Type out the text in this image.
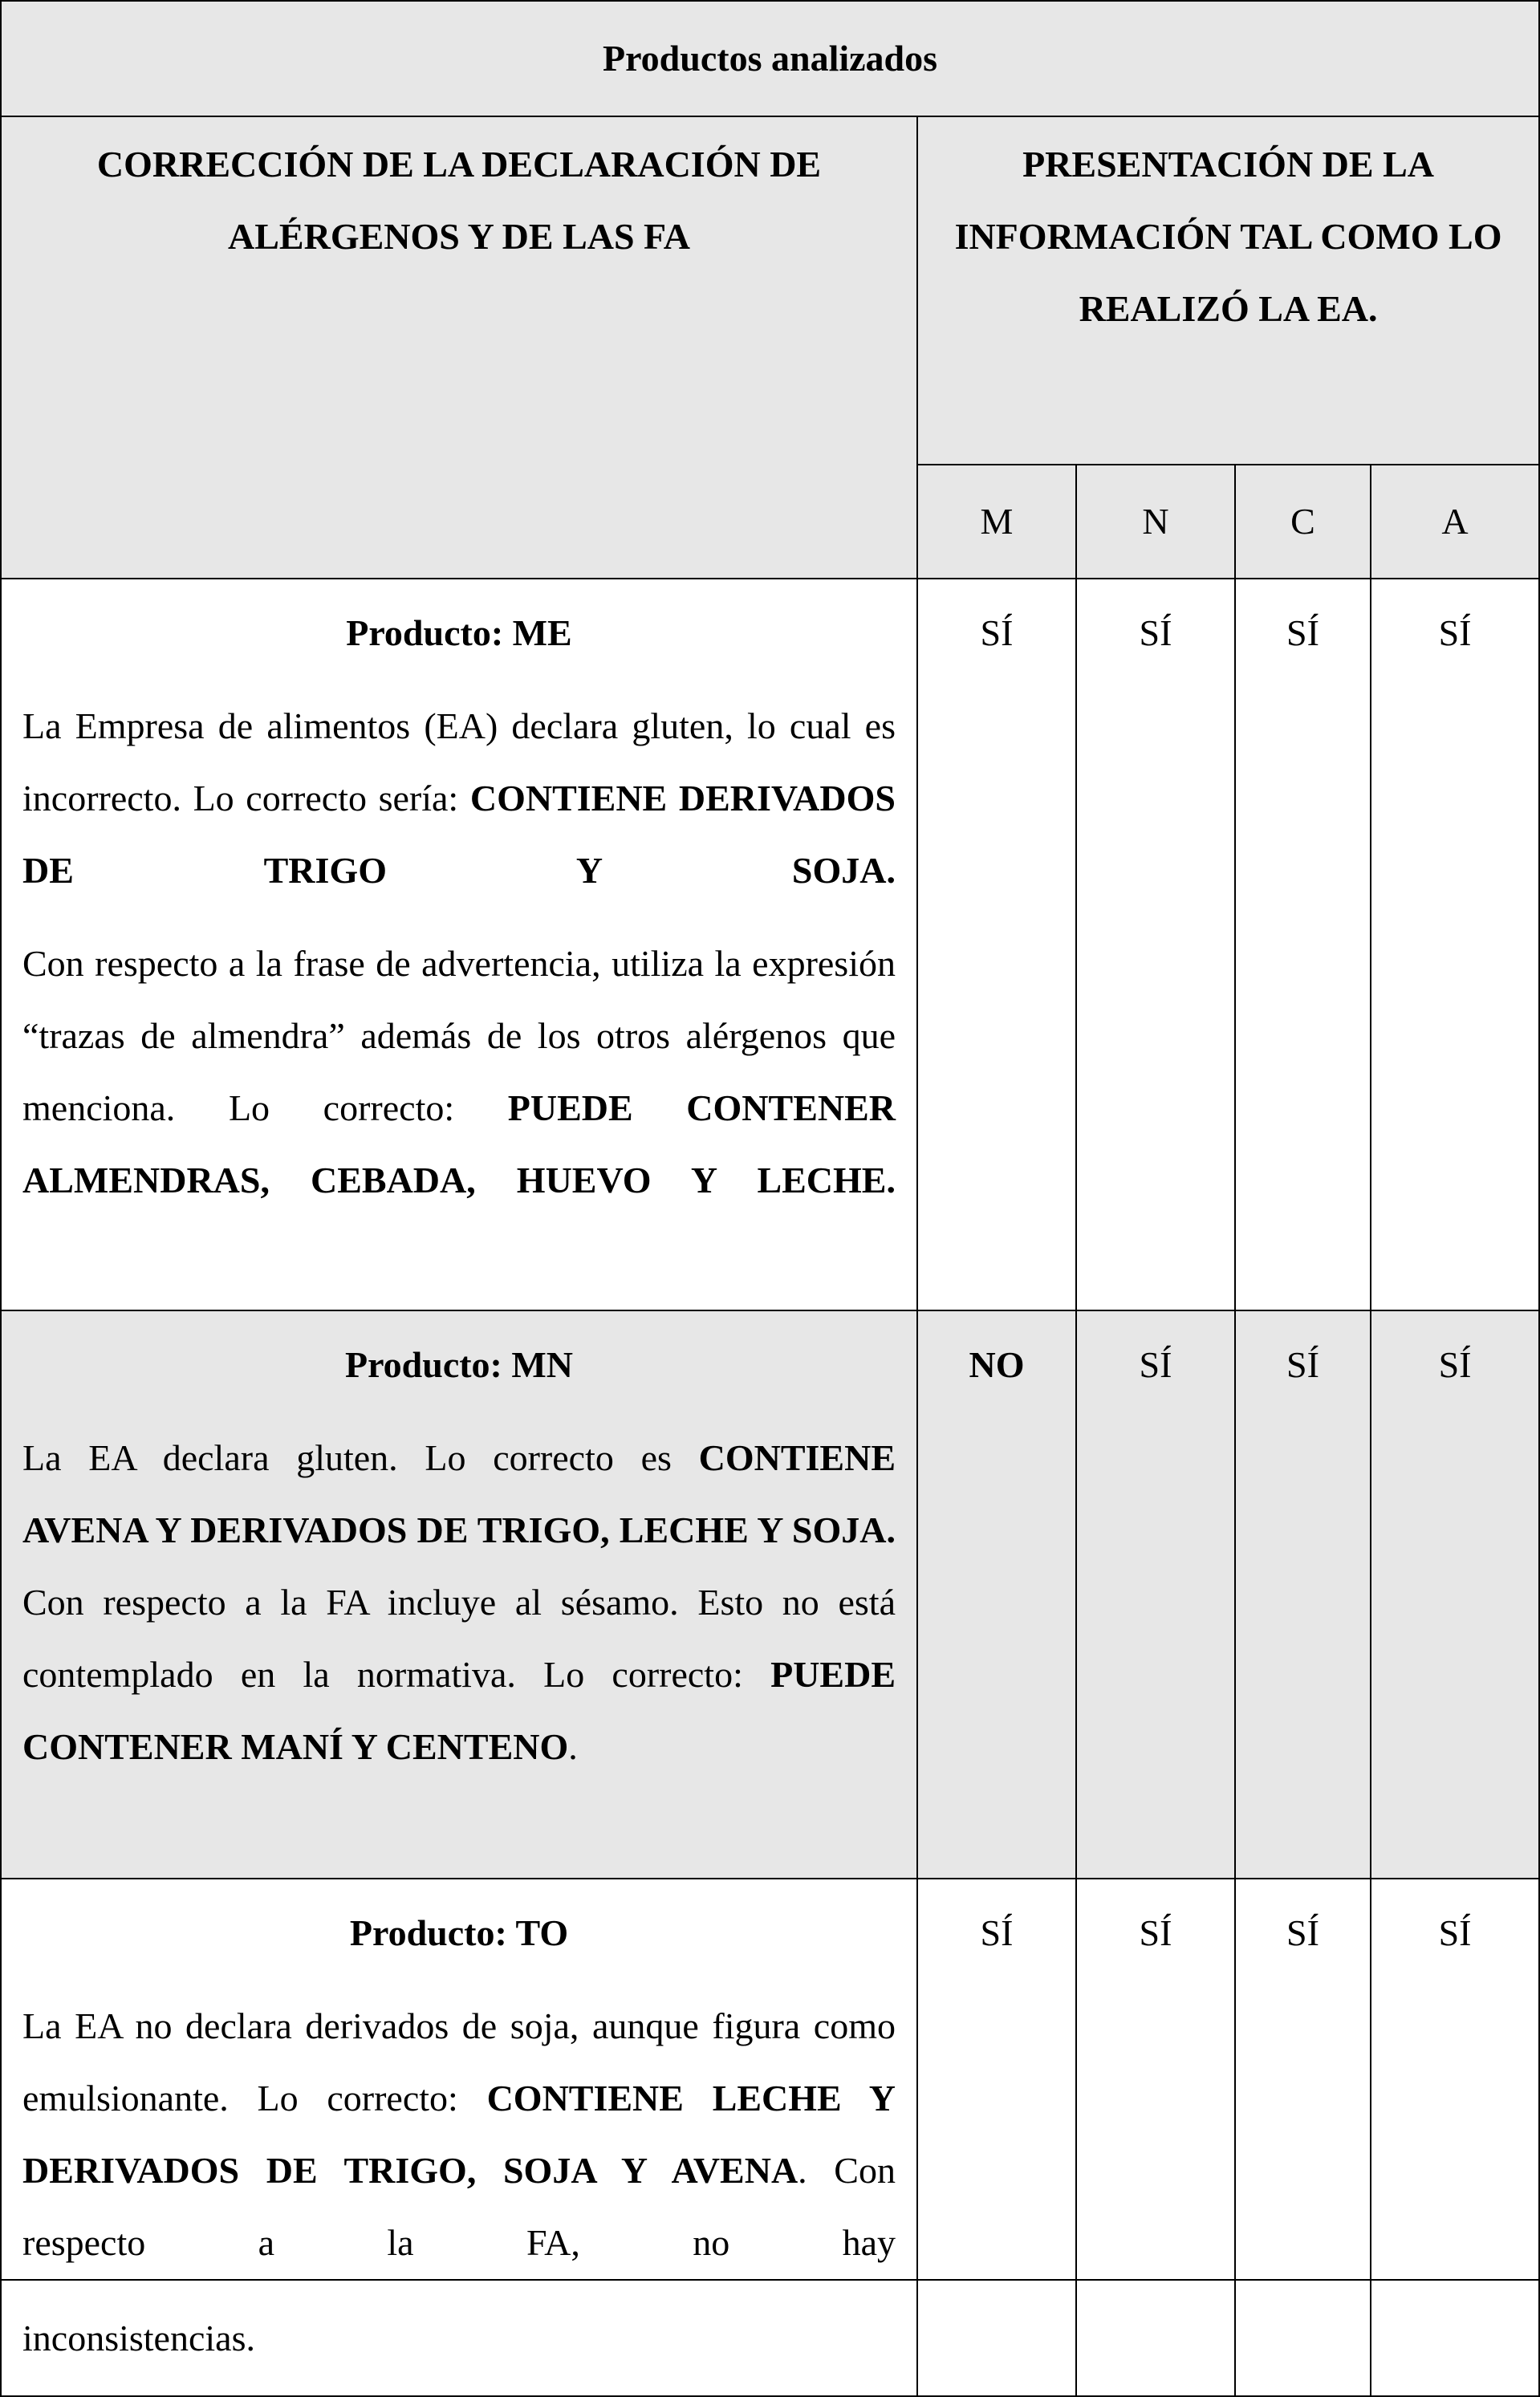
Productos analizados				
CORRECCIÓN DE LA DECLARACIÓN DE ALÉRGENOS Y DE LAS FA	PRESENTACIÓN DE LA INFORMACIÓN TAL COMO LO REALIZÓ LA EA.			
	M	N	C	A

Producto: ME
La Empresa de alimentos (EA) declara gluten, lo cual es incorrecto. Lo correcto sería: CONTIENE DERIVADOS DE TRIGO Y SOJA.
Con respecto a la frase de advertencia, utiliza la expresión “trazas de almendra” además de los otros alérgenos que menciona. Lo correcto: PUEDE CONTENER ALMENDRAS, CEBADA, HUEVO Y LECHE.	SÍ	SÍ	SÍ	SÍ

Producto: MN
La EA declara gluten. Lo correcto es CONTIENE AVENA Y DERIVADOS DE TRIGO, LECHE Y SOJA. Con respecto a la FA incluye al sésamo. Esto no está contemplado en la normativa. Lo correcto: PUEDE CONTENER MANÍ Y CENTENO.	NO	SÍ	SÍ	SÍ

Producto: TO
La EA no declara derivados de soja, aunque figura como emulsionante. Lo correcto: CONTIENE LECHE Y DERIVADOS DE TRIGO, SOJA Y AVENA. Con respecto a la FA, no hay	SÍ	SÍ	SÍ	SÍ
inconsistencias.				
